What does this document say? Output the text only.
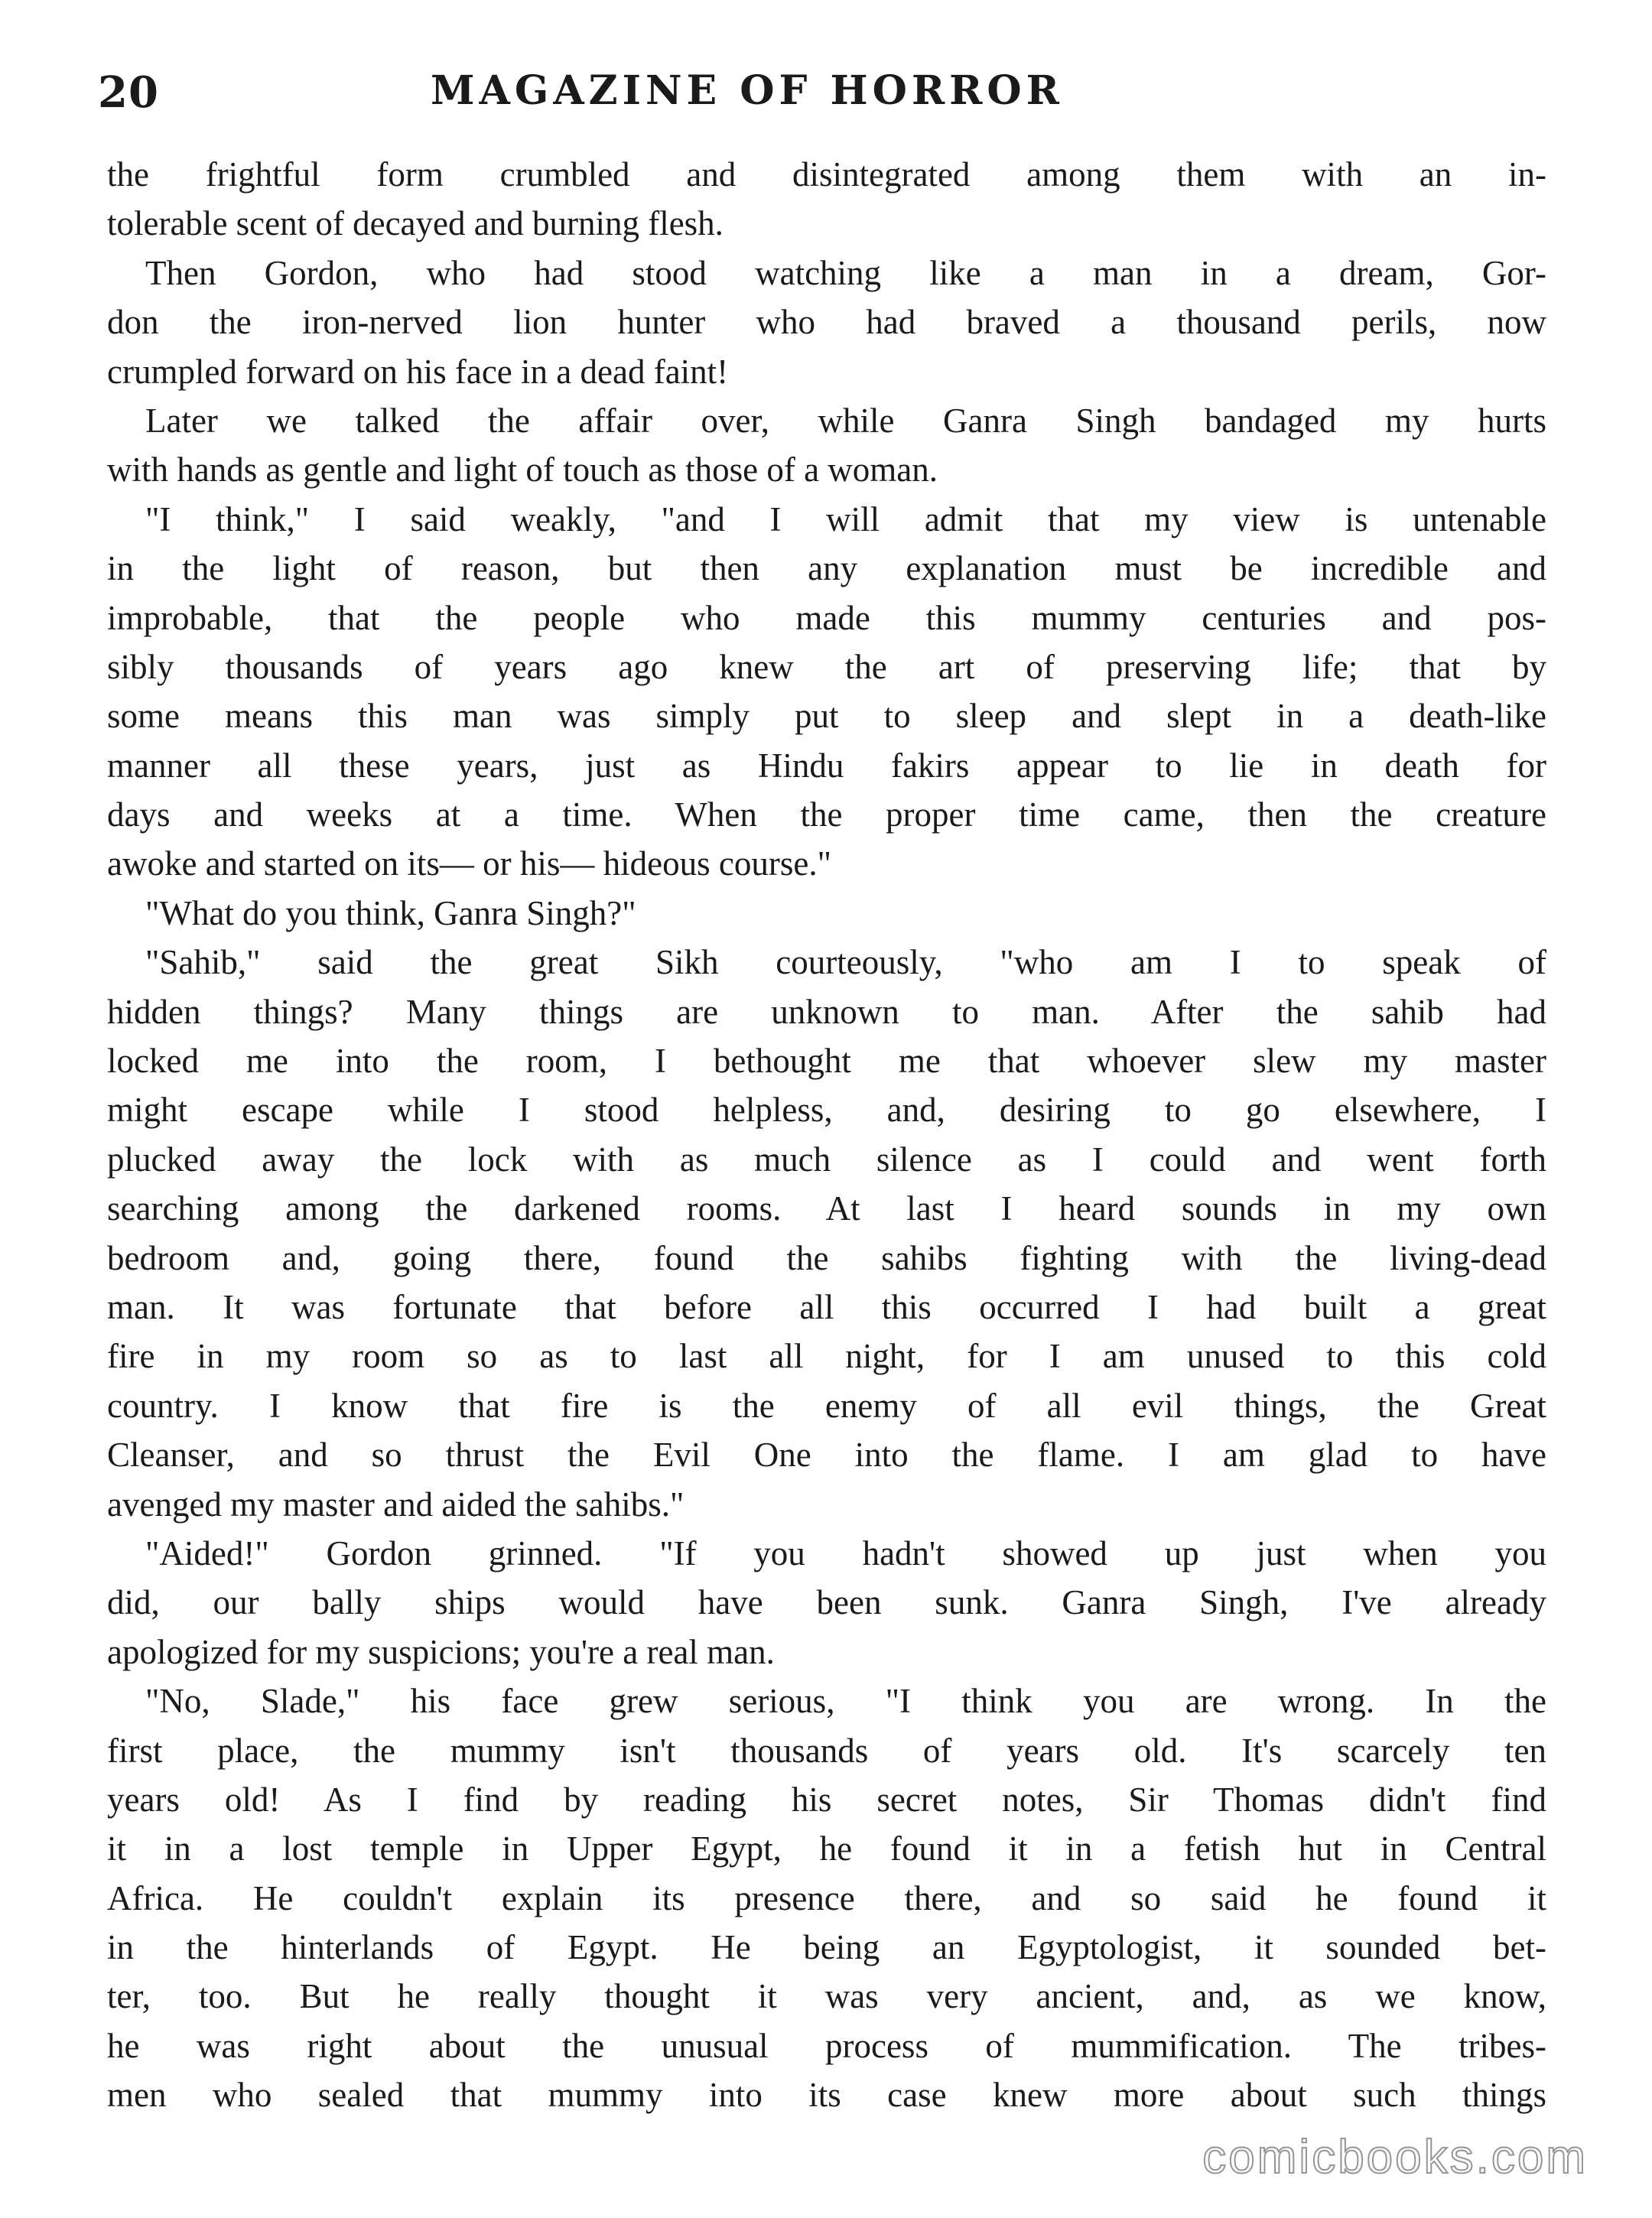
20	MAGAZINE OF HORROR
the frightful form crumbled and disintegrated among them with an in-
tolerable scent of decayed and burning flesh.
Then Gordon, who had stood watching like a man in a dream, Gor-
don the iron-nerved lion hunter who had braved a thousand perils, now
crumpled forward on his face in a dead faint!
Later we talked the affair over, while Ganra Singh bandaged my hurts
with hands as gentle and light of touch as those of a woman.
"I think," I said weakly, "and I will admit that my view is untenable
in the light of reason, but then any explanation must be incredible and
improbable, that the people who made this mummy centuries and pos-
sibly thousands of years ago knew the art of preserving life; that by
some means this man was simply put to sleep and slept in a death-like
manner all these years, just as Hindu fakirs appear to lie in death for
days and weeks at a time. When the proper time came, then the creature
awoke and started on its— or his— hideous course."
"What do you think, Ganra Singh?"
"Sahib," said the great Sikh courteously, "who am I to speak of
hidden things? Many things are unknown to man. After the sahib had
locked me into the room, I bethought me that whoever slew my master
might escape while I stood helpless, and, desiring to go elsewhere, I
plucked away the lock with as much silence as I could and went forth
searching among the darkened rooms. At last I heard sounds in my own
bedroom and, going there, found the sahibs fighting with the living-dead
man. It was fortunate that before all this occurred I had built a great
fire in my room so as to last all night, for I am unused to this cold
country. I know that fire is the enemy of all evil things, the Great
Cleanser, and so thrust the Evil One into the flame. I am glad to have
avenged my master and aided the sahibs."
"Aided!" Gordon grinned. "If you hadn't showed up just when you
did, our bally ships would have been sunk. Ganra Singh, I've already
apologized for my suspicions; you're a real man.
"No, Slade," his face grew serious, "I think you are wrong. In the
first place, the mummy isn't thousands of years old. It's scarcely ten
years old! As I find by reading his secret notes, Sir Thomas didn't find
it in a lost temple in Upper Egypt, he found it in a fetish hut in Central
Africa. He couldn't explain its presence there, and so said he found it
in the hinterlands of Egypt. He being an Egyptologist, it sounded bet-
ter, too. But he really thought it was very ancient, and, as we know,
he was right about the unusual process of mummification. The tribes-
men who sealed that mummy into its case knew more about such things
comicbooks.com
